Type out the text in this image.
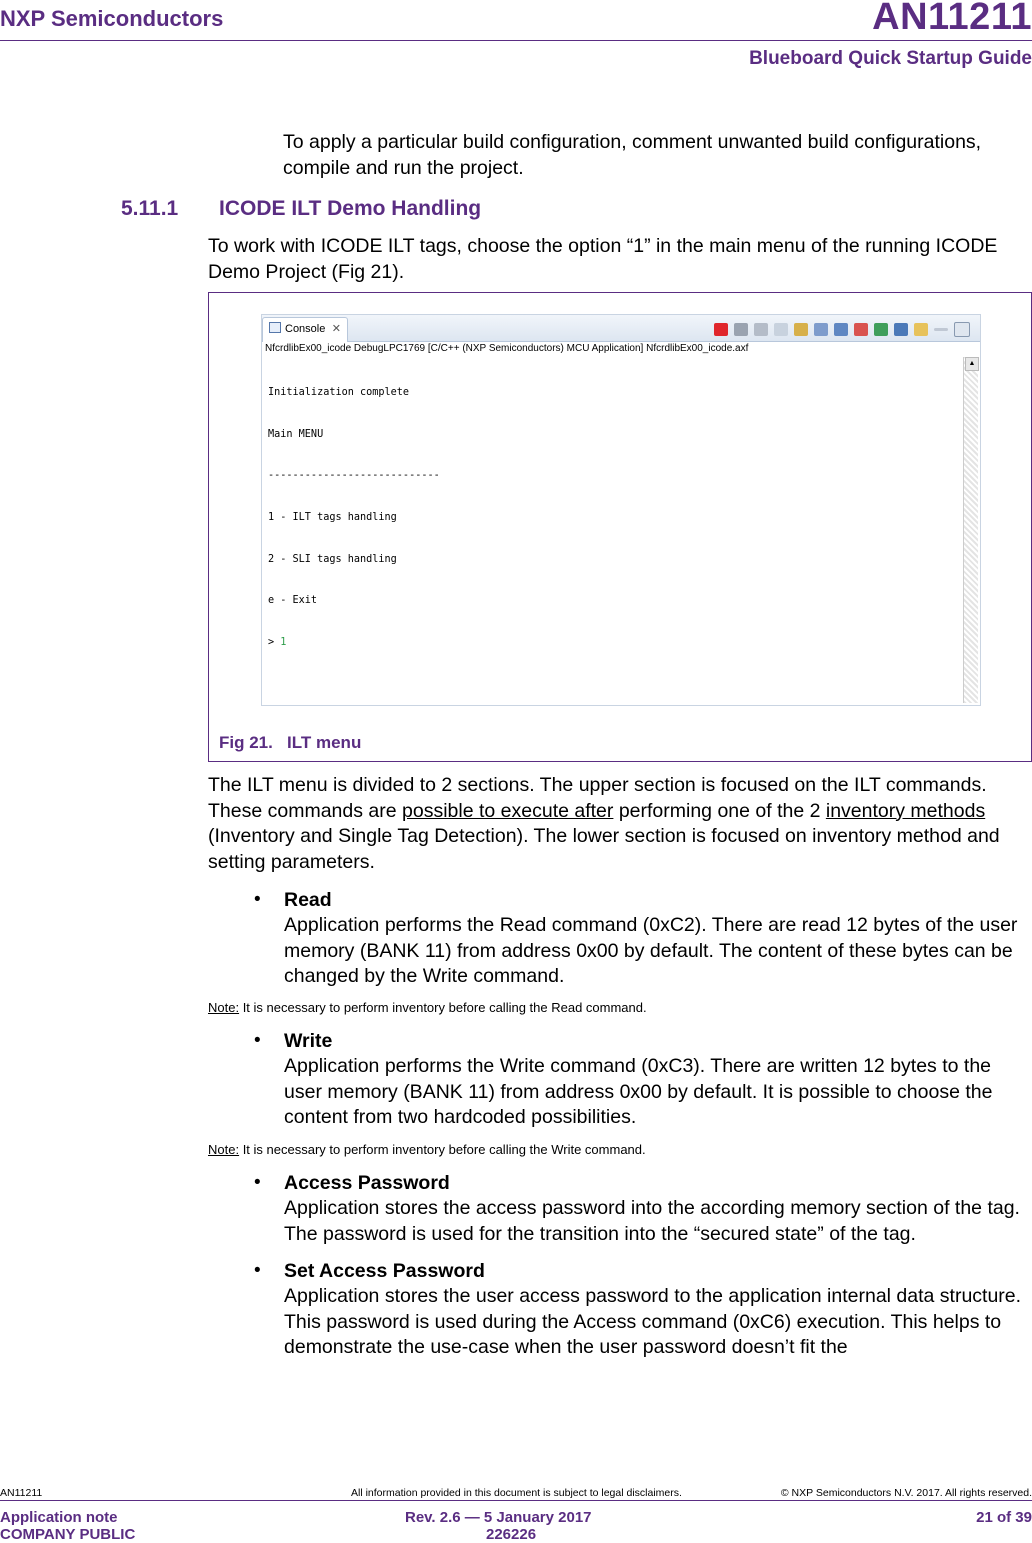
NXP Semiconductors	AN11211
Blueboard Quick Startup Guide
To apply a particular build configuration, comment unwanted build configurations, compile and run the project.
5.11.1 ICODE ILT Demo Handling
To work with ICODE ILT tags, choose the option “1” in the main menu of the running ICODE Demo Project (Fig 21).
Console ✕
NfcrdlibEx00_icode DebugLPC1769 [C/C++ (NXP Semiconductors) MCU Application] NfcrdlibEx00_icode.axf

Initialization complete

Main MENU

----------------------------

1 - ILT tags handling

2 - SLI tags handling

e - Exit

> 1

▲
Fig 21. ILT menu
The ILT menu is divided to 2 sections. The upper section is focused on the ILT commands. These commands are possible to execute after performing one of the 2 inventory methods (Inventory and Single Tag Detection). The lower section is focused on inventory method and setting parameters.
• Read
Application performs the Read command (0xC2). There are read 12 bytes of the user memory (BANK 11) from address 0x00 by default. The content of these bytes can be changed by the Write command.
Note: It is necessary to perform inventory before calling the Read command.
• Write
Application performs the Write command (0xC3). There are written 12 bytes to the user memory (BANK 11) from address 0x00 by default. It is possible to choose the content from two hardcoded possibilities.
Note: It is necessary to perform inventory before calling the Write command.
• Access Password
Application stores the access password into the according memory section of the tag. The password is used for the transition into the “secured state” of the tag.
• Set Access Password
Application stores the user access password to the application internal data structure. This password is used during the Access command (0xC6) execution. This helps to demonstrate the use-case when the user password doesn’t fit the
AN11211	All information provided in this document is subject to legal disclaimers.	© NXP Semiconductors N.V. 2017. All rights reserved.
Application note
COMPANY PUBLIC
Rev. 2.6 — 5 January 2017
226226
21 of 39
